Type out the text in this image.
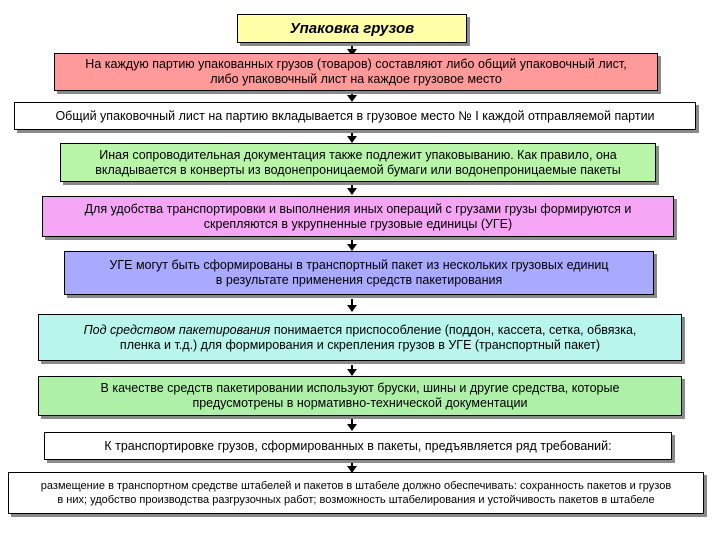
Упаковка грузов
На каждую партию упакованных грузов (товаров) составляют либо общий упаковочный лист,
либо упаковочный лист на каждое грузовое место
Общий упаковочный лист на партию вкладывается в грузовое место № I каждой отправляемой партии
Иная сопроводительная документация также подлежит упаковыванию. Как правило, она
вкладывается в конверты из водонепроницаемой бумаги или водонепроницаемые пакеты
Для удобства транспортировки и выполнения иных операций с грузами грузы формируются и
скрепляются в укрупненные грузовые единицы (УГЕ)
УГЕ могут быть сформированы в транспортный пакет из нескольких грузовых единиц
в результате применения средств пакетирования
Под средством пакетирования понимается приспособление (поддон, кассета, сетка, обвязка,
пленка и т.д.) для формирования и скрепления грузов в УГЕ (транспортный пакет)
В качестве средств пакетировании используют бруски, шины и другие средства, которые
предусмотрены в нормативно-технической документации
К транспортировке грузов, сформированных в пакеты, предъявляется ряд требований:
размещение в транспортном средстве штабелей и пакетов в штабеле должно обеспечивать: сохранность пакетов и грузов
в них; удобство производства разгрузочных работ; возможность штабелирования и устойчивость пакетов в штабеле
